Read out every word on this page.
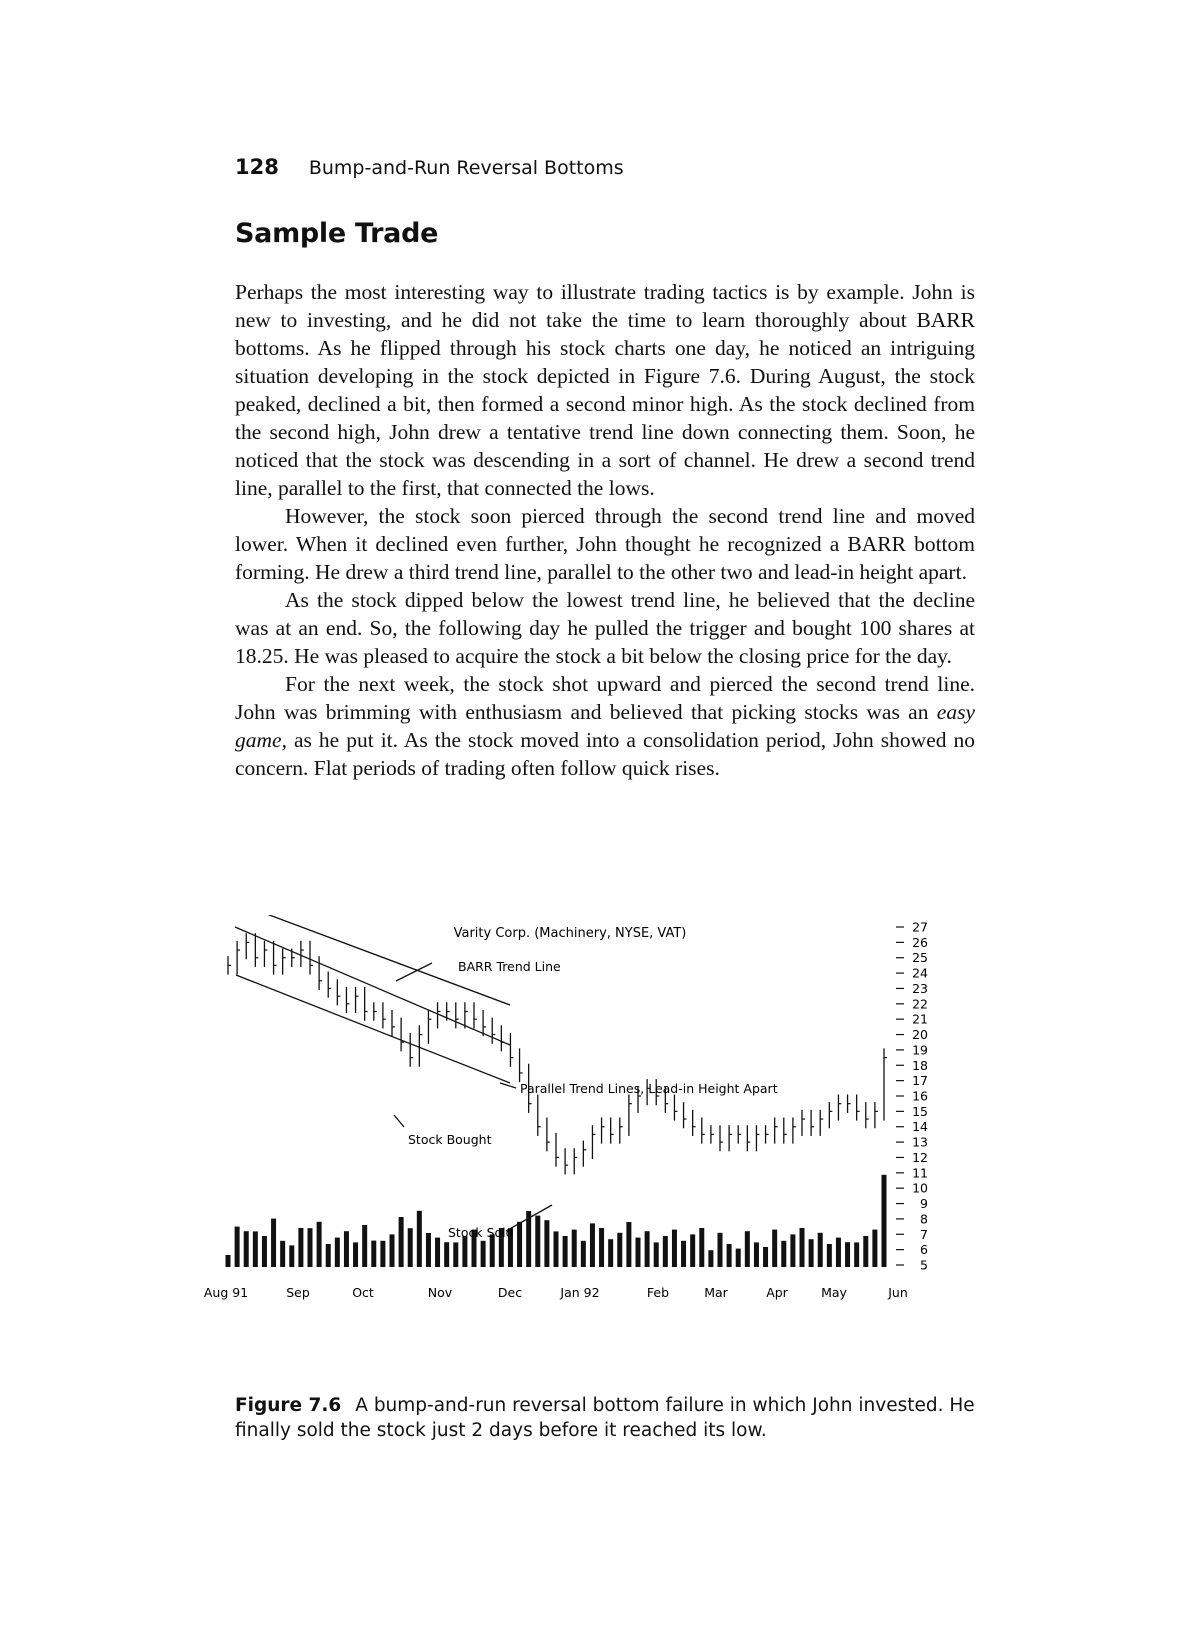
128 Bump-and-Run Reversal Bottoms
Sample Trade

Perhaps the most interesting way to illustrate trading tactics is by example. John is new to investing, and he did not take the time to learn thoroughly about BARR bottoms. As he flipped through his stock charts one day, he noticed an intriguing situation developing in the stock depicted in Figure 7.6. During August, the stock peaked, declined a bit, then formed a second minor high. As the stock declined from the second high, John drew a tentative trend line down connecting them. Soon, he noticed that the stock was descending in a sort of channel. He drew a second trend line, parallel to the first, that connected the lows.

However, the stock soon pierced through the second trend line and moved lower. When it declined even further, John thought he recognized a BARR bottom forming. He drew a third trend line, parallel to the other two and lead-in height apart.

As the stock dipped below the lowest trend line, he believed that the decline was at an end. So, the following day he pulled the trigger and bought 100 shares at 18.25. He was pleased to acquire the stock a bit below the closing price for the day.

For the next week, the stock shot upward and pierced the second trend line. John was brimming with enthusiasm and believed that picking stocks was an easy game, as he put it. As the stock moved into a consolidation period, John showed no concern. Flat periods of trading often follow quick rises.

Varity Corp. (Machinery, NYSE, VAT)	27
26
25
24
23
22
21
20
19
18
17
16
15
14
13
12
11
10
9
8
7
6
5
Aug 91	Sep	Oct	Nov	Dec	Jan 92	Feb	Mar	Apr	May	Jun
BARR Trend Line
Parallel Trend Lines, Lead-in Height Apart
Stock Bought
Stock Sold
Figure 7.6 A bump-and-run reversal bottom failure in which John invested. He finally sold the stock just 2 days before it reached its low.
